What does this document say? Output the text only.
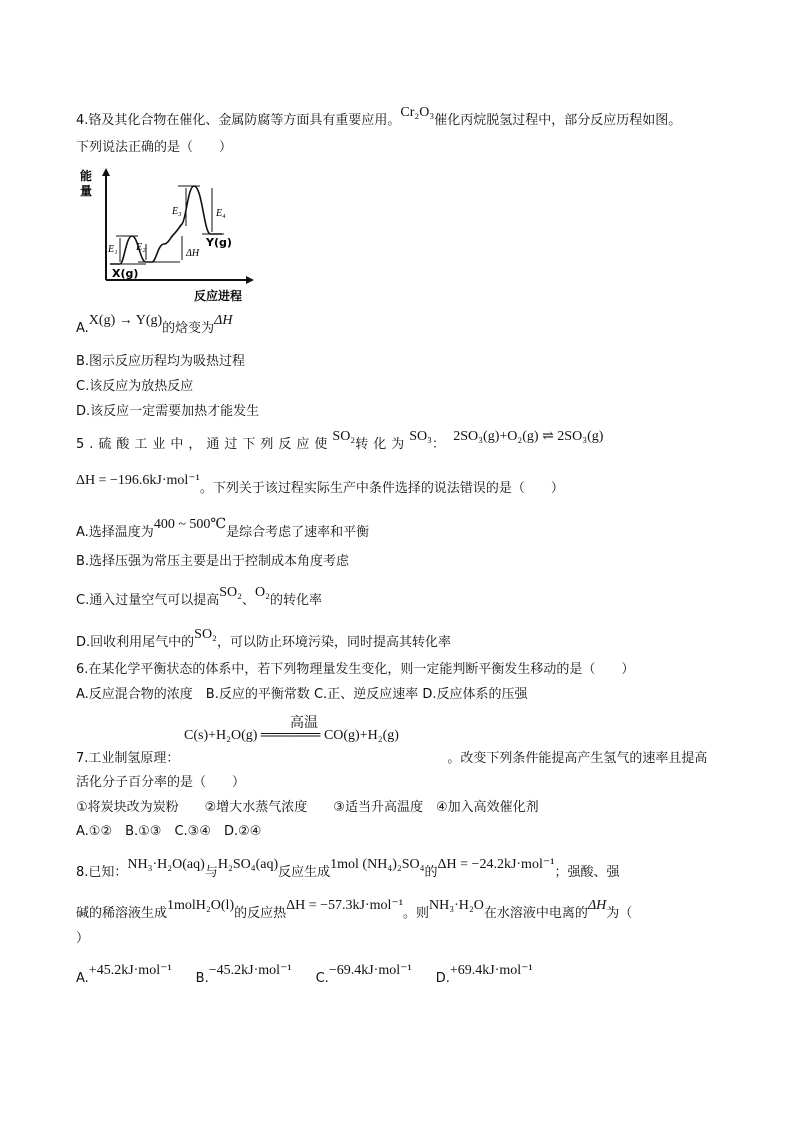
4.铬及其化合物在催化、金属防腐等方面具有重要应用。Cr₂O₃催化丙烷脱氢过程中，部分反应历程如图。
下列说法正确的是（　　）
能
量
反应进程
E₁ E₂
E₃	E₄
ΔH
X(g)
Y(g)
A.X(g) → Y(g)的焓变为ΔH
B.图示反应历程均为吸热过程
C.该反应为放热反应
D.该反应一定需要加热才能发生
5.硫酸工业中，通过下列反应使SO₂转化为SO₃：  2SO₃(g)+O₂(g) ⇌ 2SO₃(g)
ΔH = −196.6kJ·mol⁻¹。下列关于该过程实际生产中条件选择的说法错误的是（　　）
A.选择温度为400 ~ 500℃是综合考虑了速率和平衡
B.选择压强为常压主要是出于控制成本角度考虑
C.通入过量空气可以提高SO₂、O₂的转化率
D.回收利用尾气中的SO₂，可以防止环境污染，同时提高其转化率
6.在某化学平衡状态的体系中，若下列物理量发生变化，则一定能判断平衡发生移动的是（　　）
A.反应混合物的浓度　B.反应的平衡常数 C.正、逆反应速率 D.反应体系的压强
高温
C(s)+H₂O(g) ══════ CO(g)+H₂(g)
7.工业制氢原理：	。改变下列条件能提高产生氢气的速率且提高
活化分子百分率的是（　　）
①将炭块改为炭粉　　②增大水蒸气浓度　　③适当升高温度　④加入高效催化剂
A.①②　B.①③　C.③④　D.②④
8.已知：NH₃·H₂O(aq)与H₂SO₄(aq)反应生成1mol (NH₄)₂SO₄的ΔH = −24.2kJ·mol⁻¹；强酸、强
碱的稀溶液生成1molH₂O(l)的反应热ΔH = −57.3kJ·mol⁻¹。则NH₃·H₂O在水溶液中电离的ΔH为（
）
A.+45.2kJ·mol⁻¹B.−45.2kJ·mol⁻¹C.−69.4kJ·mol⁻¹D.+69.4kJ·mol⁻¹
